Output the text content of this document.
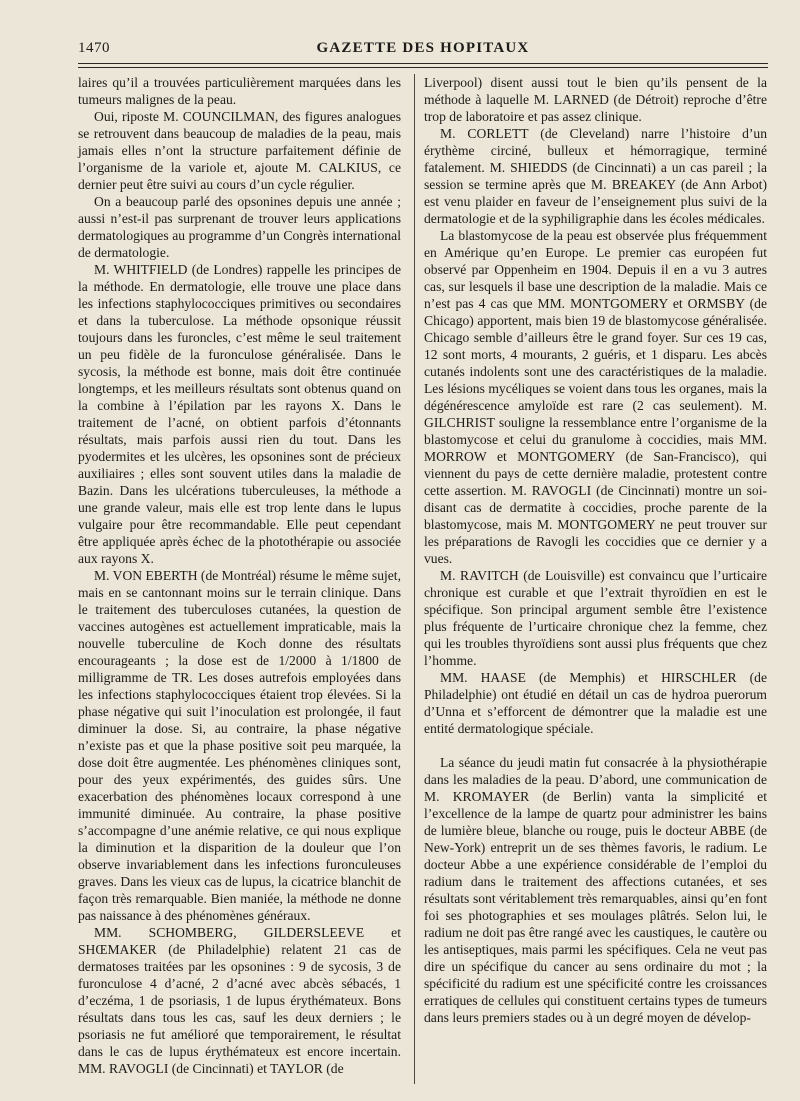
1470	GAZETTE DES HOPITAUX

laires qu’il a trouvées particulièrement marquées dans les tumeurs malignes de la peau.

Oui, riposte M. COUNCILMAN, des figures analogues se retrouvent dans beaucoup de maladies de la peau, mais jamais elles n’ont la structure parfaitement définie de l’organisme de la variole et, ajoute M. CALKIUS, ce dernier peut être suivi au cours d’un cycle régulier.

On a beaucoup parlé des opsonines depuis une année ; aussi n’est-il pas surprenant de trouver leurs applications dermatologiques au programme d’un Congrès international de dermatologie.

M. WHITFIELD (de Londres) rappelle les principes de la méthode. En dermatologie, elle trouve une place dans les infections staphylococciques primitives ou secondaires et dans la tuberculose. La méthode opsonique réussit toujours dans les furoncles, c’est même le seul traitement un peu fidèle de la furonculose généralisée. Dans le sycosis, la méthode est bonne, mais doit être continuée longtemps, et les meilleurs résultats sont obtenus quand on la combine à l’épilation par les rayons X. Dans le traitement de l’acné, on obtient parfois d’étonnants résultats, mais parfois aussi rien du tout. Dans les pyodermites et les ulcères, les opsonines sont de précieux auxiliaires ; elles sont souvent utiles dans la maladie de Bazin. Dans les ulcérations tuberculeuses, la méthode a une grande valeur, mais elle est trop lente dans le lupus vulgaire pour être recommandable. Elle peut cependant être appliquée après échec de la photothérapie ou associée aux rayons X.

M. VON EBERTH (de Montréal) résume le même sujet, mais en se cantonnant moins sur le terrain clinique. Dans le traitement des tuberculoses cutanées, la question de vaccines autogènes est actuellement impraticable, mais la nouvelle tuberculine de Koch donne des résultats encourageants ; la dose est de 1/2000 à 1/1800 de milligramme de TR. Les doses autrefois employées dans les infections staphylococciques étaient trop élevées. Si la phase négative qui suit l’inoculation est prolongée, il faut diminuer la dose. Si, au contraire, la phase négative n’existe pas et que la phase positive soit peu marquée, la dose doit être augmentée. Les phénomènes cliniques sont, pour des yeux expérimentés, des guides sûrs. Une exacerbation des phénomènes locaux correspond à une immunité diminuée. Au contraire, la phase positive s’accompagne d’une anémie relative, ce qui nous explique la diminution et la disparition de la douleur que l’on observe invariablement dans les infections furonculeuses graves. Dans les vieux cas de lupus, la cicatrice blanchit de façon très remarquable. Bien maniée, la méthode ne donne pas naissance à des phénomènes généraux.

MM. SCHOMBERG, GILDERSLEEVE et SHŒMAKER (de Philadelphie) relatent 21 cas de dermatoses traitées par les opsonines : 9 de sycosis, 3 de furonculose 4 d’acné, 2 d’acné avec abcès sébacés, 1 d’eczéma, 1 de psoriasis, 1 de lupus érythémateux. Bons résultats dans tous les cas, sauf les deux derniers ; le psoriasis ne fut amélioré que temporairement, le résultat dans le cas de lupus érythémateux est encore incertain. MM. RAVOGLI (de Cincinnati) et TAYLOR (de

Liverpool) disent aussi tout le bien qu’ils pensent de la méthode à laquelle M. LARNED (de Détroit) reproche d’être trop de laboratoire et pas assez clinique.

M. CORLETT (de Cleveland) narre l’histoire d’un érythème circiné, bulleux et hémorragique, terminé fatalement. M. SHIEDDS (de Cincinnati) a un cas pareil ; la session se termine après que M. BREAKEY (de Ann Arbot) est venu plaider en faveur de l’enseignement plus suivi de la dermatologie et de la syphiligraphie dans les écoles médicales.

La blastomycose de la peau est observée plus fréquemment en Amérique qu’en Europe. Le premier cas européen fut observé par Oppenheim en 1904. Depuis il en a vu 3 autres cas, sur lesquels il base une description de la maladie. Mais ce n’est pas 4 cas que MM. MONTGOMERY et ORMSBY (de Chicago) apportent, mais bien 19 de blastomycose généralisée. Chicago semble d’ailleurs être le grand foyer. Sur ces 19 cas, 12 sont morts, 4 mourants, 2 guéris, et 1 disparu. Les abcès cutanés indolents sont une des caractéristiques de la maladie. Les lésions mycéliques se voient dans tous les organes, mais la dégénérescence amyloïde est rare (2 cas seulement). M. GILCHRIST souligne la ressemblance entre l’organisme de la blastomycose et celui du granulome à coccidies, mais MM. MORROW et MONTGOMERY (de San-Francisco), qui viennent du pays de cette dernière maladie, protestent contre cette assertion. M. RAVOGLI (de Cincinnati) montre un soi-disant cas de dermatite à coccidies, proche parente de la blastomycose, mais M. MONTGOMERY ne peut trouver sur les préparations de Ravogli les coccidies que ce dernier y a vues.

M. RAVITCH (de Louisville) est convaincu que l’urticaire chronique est curable et que l’extrait thyroïdien en est le spécifique. Son principal argument semble être l’existence plus fréquente de l’urticaire chronique chez la femme, chez qui les troubles thyroïdiens sont aussi plus fréquents que chez l’homme.

MM. HAASE (de Memphis) et HIRSCHLER (de Philadelphie) ont étudié en détail un cas de hydroa puerorum d’Unna et s’efforcent de démontrer que la maladie est une entité dermatologique spéciale.

La séance du jeudi matin fut consacrée à la physiothérapie dans les maladies de la peau. D’abord, une communication de M. KROMAYER (de Berlin) vanta la simplicité et l’excellence de la lampe de quartz pour administrer les bains de lumière bleue, blanche ou rouge, puis le docteur ABBE (de New-York) entreprit un de ses thèmes favoris, le radium. Le docteur Abbe a une expérience considérable de l’emploi du radium dans le traitement des affections cutanées, et ses résultats sont véritablement très remarquables, ainsi qu’en font foi ses photographies et ses moulages plâtrés. Selon lui, le radium ne doit pas être rangé avec les caustiques, le cautère ou les antiseptiques, mais parmi les spécifiques. Cela ne veut pas dire un spécifique du cancer au sens ordinaire du mot ; la spécificité du radium est une spécificité contre les croissances erratiques de cellules qui constituent certains types de tumeurs dans leurs premiers stades ou à un degré moyen de dévelop-
